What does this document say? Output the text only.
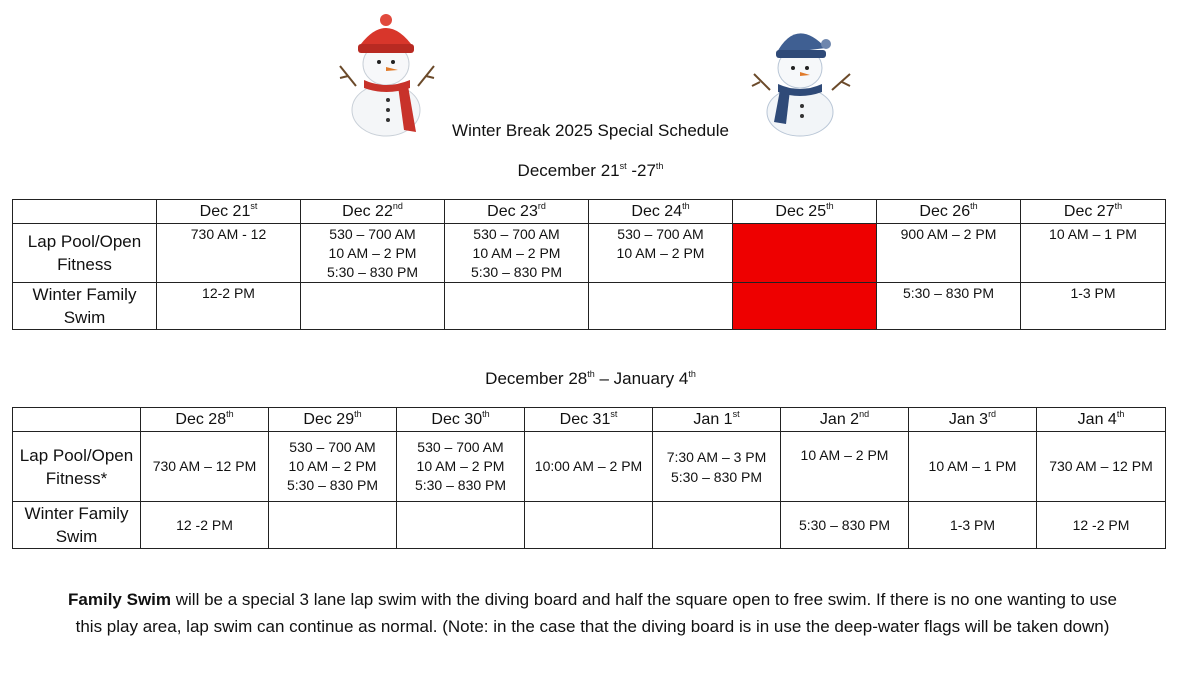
Winter Break 2025 Special Schedule
December 21st -27th
	Dec 21st	Dec 22nd	Dec 23rd	Dec 24th	Dec 25th	Dec 26th	Dec 27th
Lap Pool/Open Fitness	730 AM - 12	530 – 700 AM
10 AM – 2 PM
5:30 – 830 PM	530 – 700 AM
10 AM – 2 PM
5:30 – 830 PM	530 – 700 AM
10 AM – 2 PM		900 AM – 2 PM	10 AM – 1 PM

Winter Family Swim	12-2 PM					5:30 – 830 PM	1-3 PM
December 28th – January 4th
	Dec 28th	Dec 29th	Dec 30th	Dec 31st	Jan 1st	Jan 2nd	Jan 3rd	Jan 4th
Lap Pool/Open Fitness*	730 AM – 12 PM	530 – 700 AM
10 AM – 2 PM
5:30 – 830 PM	530 – 700 AM
10 AM – 2 PM
5:30 – 830 PM	10:00 AM – 2 PM	7:30 AM – 3 PM
5:30 – 830 PM	10 AM – 2 PM	10 AM – 1 PM	730 AM – 12 PM

Winter Family Swim	12 -2 PM					5:30 – 830 PM	1-3 PM	12 -2 PM
Family Swim will be a special 3 lane lap swim with the diving board and half the square open to free swim. If there is no one wanting to use this play area, lap swim can continue as normal. (Note: in the case that the diving board is in use the deep-water flags will be taken down)
